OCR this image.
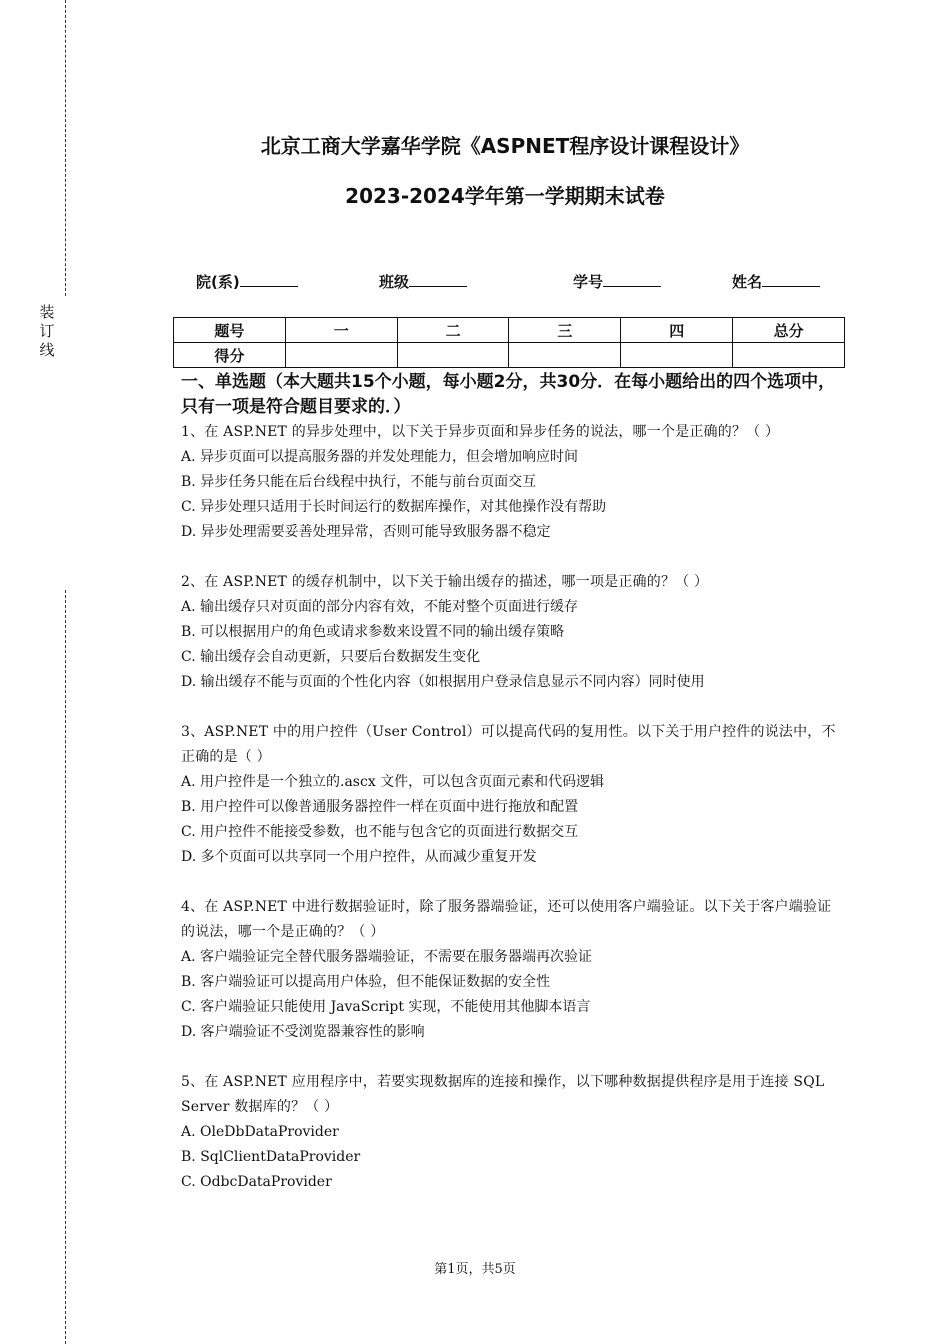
装订线
北京工商大学嘉华学院《ASPNET程序设计课程设计》
2023-2024学年第一学期期末试卷
院(系)	班级	学号	姓名
题号	一	二	三	四	总分
得分					
一、单选题（本大题共15个小题，每小题2分，共30分．在每小题给出的四个选项中，只有一项是符合题目要求的．）

1、在 ASP.NET 的异步处理中，以下关于异步页面和异步任务的说法，哪一个是正确的？（ ）

A. 异步页面可以提高服务器的并发处理能力，但会增加响应时间

B. 异步任务只能在后台线程中执行，不能与前台页面交互

C. 异步处理只适用于长时间运行的数据库操作，对其他操作没有帮助

D. 异步处理需要妥善处理异常，否则可能导致服务器不稳定

2、在 ASP.NET 的缓存机制中，以下关于输出缓存的描述，哪一项是正确的？（ ）

A. 输出缓存只对页面的部分内容有效，不能对整个页面进行缓存

B. 可以根据用户的角色或请求参数来设置不同的输出缓存策略

C. 输出缓存会自动更新，只要后台数据发生变化

D. 输出缓存不能与页面的个性化内容（如根据用户登录信息显示不同内容）同时使用

3、ASP.NET 中的用户控件（User Control）可以提高代码的复用性。以下关于用户控件的说法中，不正确的是（ ）

A. 用户控件是一个独立的.ascx 文件，可以包含页面元素和代码逻辑

B. 用户控件可以像普通服务器控件一样在页面中进行拖放和配置

C. 用户控件不能接受参数，也不能与包含它的页面进行数据交互

D. 多个页面可以共享同一个用户控件，从而减少重复开发

4、在 ASP.NET 中进行数据验证时，除了服务器端验证，还可以使用客户端验证。以下关于客户端验证的说法，哪一个是正确的？（ ）

A. 客户端验证完全替代服务器端验证，不需要在服务器端再次验证

B. 客户端验证可以提高用户体验，但不能保证数据的安全性

C. 客户端验证只能使用 JavaScript 实现，不能使用其他脚本语言

D. 客户端验证不受浏览器兼容性的影响

5、在 ASP.NET 应用程序中，若要实现数据库的连接和操作，以下哪种数据提供程序是用于连接 SQL Server 数据库的？（ ）

A. OleDbDataProvider

B. SqlClientDataProvider

C. OdbcDataProvider

第1页，共5页
